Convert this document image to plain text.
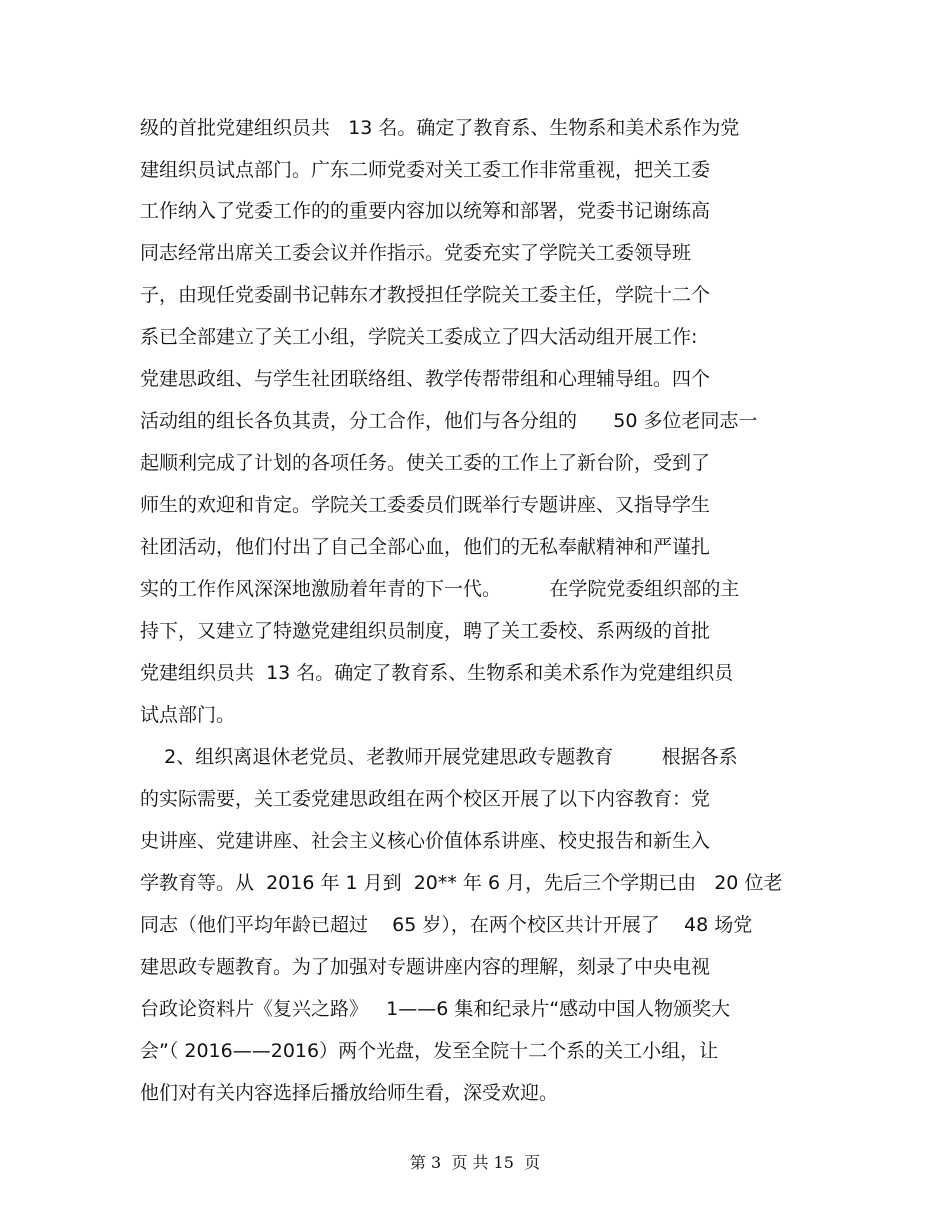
级的首批党建组织员共   13 名。确定了教育系、生物系和美术系作为党
建组织员试点部门。广东二师党委对关工委工作非常重视，把关工委
工作纳入了党委工作的的重要内容加以统筹和部署，党委书记谢练高
同志经常出席关工委会议并作指示。党委充实了学院关工委领导班
子，由现任党委副书记韩东才教授担任学院关工委主任，学院十二个
系已全部建立了关工小组，学院关工委成立了四大活动组开展工作:
党建思政组、与学生社团联络组、教学传帮带组和心理辅导组。四个
活动组的组长各负其责，分工合作，他们与各分组的      50 多位老同志一
起顺利完成了计划的各项任务。使关工委的工作上了新台阶，受到了
师生的欢迎和肯定。学院关工委委员们既举行专题讲座、又指导学生
社团活动，他们付出了自己全部心血，他们的无私奉献精神和严谨扎
实的工作作风深深地激励着年青的下一代。        在学院党委组织部的主
持下，又建立了特邀党建组织员制度，聘了关工委校、系两级的首批
党建组织员共  13 名。确定了教育系、生物系和美术系作为党建组织员
试点部门。
2、组织离退休老党员、老教师开展党建思政专题教育        根据各系
的实际需要，关工委党建思政组在两个校区开展了以下内容教育：党
史讲座、党建讲座、社会主义核心价值体系讲座、校史报告和新生入
学教育等。从  2016 年 1 月到  20** 年 6 月，先后三个学期已由   20 位老
同志（他们平均年龄已超过    65 岁），在两个校区共计开展了    48 场党
建思政专题教育。为了加强对专题讲座内容的理解，刻录了中央电视
台政论资料片《复兴之路》   1——6 集和纪录片“感动中国人物颁奖大
会”（ 2016——2016）两个光盘，发至全院十二个系的关工小组，让
他们对有关内容选择后播放给师生看，深受欢迎。
第 3  页 共 15  页
